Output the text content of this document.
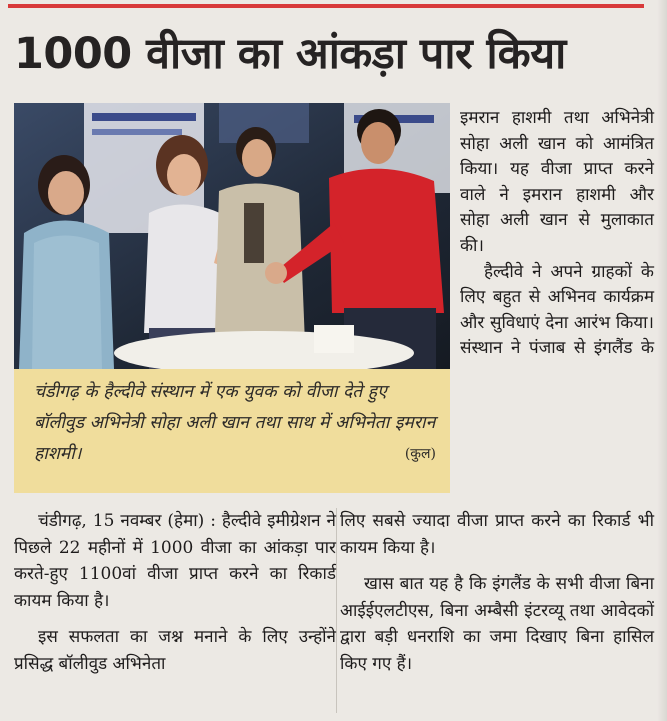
1000 वीजा का आंकड़ा पार किया

चंडीगढ़ के हैल्दीवे संस्थान में एक युवक को वीजा देते हुए बॉलीवुड अभिनेत्री सोहा अली खान तथा साथ में अभिनेता इमरान हाशमी।	(कुल)

इमरान हाशमी तथा अभिनेत्री सोहा अली खान को आमंत्रित किया। यह वीजा प्राप्त करने वाले ने इमरान हाशमी और सोहा अली खान से मुलाकात की।

हैल्दीवे ने अपने ग्राहकों के लिए बहुत से अभिनव कार्यक्रम और सुविधाएं देना आरंभ किया। संस्थान ने पंजाब से इंगलैंड के

चंडीगढ़, 15 नवम्बर (हेमा) : हैल्दीवे इमीग्रेशन ने पिछले 22 महीनों में 1000 वीजा का आंकड़ा पार करते-हुए 1100वां वीजा प्राप्त करने का रिकार्ड कायम किया है।

इस सफलता का जश्न मनाने के लिए उन्होंने प्रसिद्ध बॉलीवुड अभिनेता

लिए सबसे ज्यादा वीजा प्राप्त करने का रिकार्ड भी कायम किया है।

खास बात यह है कि इंगलैंड के सभी वीजा बिना आईईएलटीएस, बिना अम्बैसी इंटरव्यू तथा आवेदकों द्वारा बड़ी धनराशि का जमा दिखाए बिना हासिल किए गए हैं।
